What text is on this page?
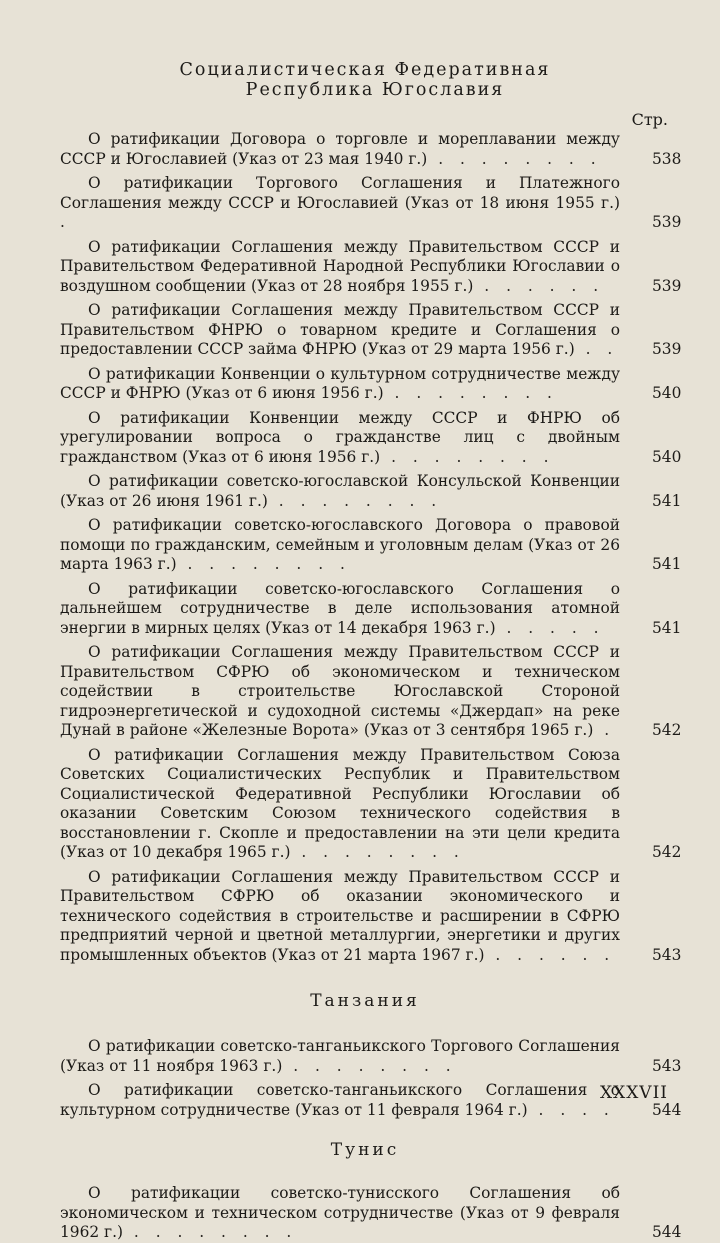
Социалистическая Федеративная
Республика Югославия
Стр.
О ратификации Договора о торговле и мореплавании между СССР и Югославией (Указ от 23 мая 1940 г.) . . . . . . . .	538
О ратификации Торгового Соглашения и Платежного Соглашения между СССР и Югославией (Указ от 18 июня 1955 г.) .	539
О ратификации Соглашения между Правительством СССР и Правительством Федеративной Народной Республики Югославии о воздушном сообщении (Указ от 28 ноября 1955 г.) . . . . . .	539
О ратификации Соглашения между Правительством СССР и Правительством ФНРЮ о товарном кредите и Соглашения о предоставлении СССР займа ФНРЮ (Указ от 29 марта 1956 г.) . .	539
О ратификации Конвенции о культурном сотрудничестве между СССР и ФНРЮ (Указ от 6 июня 1956 г.) . . . . . . . .	540
О ратификации Конвенции между СССР и ФНРЮ об урегулировании вопроса о гражданстве лиц с двойным гражданством (Указ от 6 июня 1956 г.) . . . . . . . .	540
О ратификации советско-югославской Консульской Конвенции (Указ от 26 июня 1961 г.) . . . . . . . .	541
О ратификации советско-югославского Договора о правовой помощи по гражданским, семейным и уголовным делам (Указ от 26 марта 1963 г.) . . . . . . . .	541
О ратификации советско-югославского Соглашения о дальнейшем сотрудничестве в деле использования атомной энергии в мирных целях (Указ от 14 декабря 1963 г.) . . . . .	541
О ратификации Соглашения между Правительством СССР и Правительством СФРЮ об экономическом и техническом содействии в строительстве Югославской Стороной гидроэнергетической и судоходной системы «Джердап» на реке Дунай в районе «Железные Ворота» (Указ от 3 сентября 1965 г.) .	542
О ратификации Соглашения между Правительством Союза Советских Социалистических Республик и Правительством Социалистической Федеративной Республики Югославии об оказании Советским Союзом технического содействия в восстановлении г. Скопле и предоставлении на эти цели кредита (Указ от 10 декабря 1965 г.) . . . . . . . .	542
О ратификации Соглашения между Правительством СССР и Правительством СФРЮ об оказании экономического и технического содействия в строительстве и расширении в СФРЮ предприятий черной и цветной металлургии, энергетики и других промышленных объектов (Указ от 21 марта 1967 г.) . . . . . .	543
Танзания
О ратификации советско-танганьикского Торгового Соглашения (Указ от 11 ноября 1963 г.) . . . . . . . .	543
О ратификации советско-танганьикского Соглашения о культурном сотрудничестве (Указ от 11 февраля 1964 г.) . . . .	544
Тунис
О ратификации советско-тунисского Соглашения об экономическом и техническом сотрудничестве (Указ от 9 февраля 1962 г.) . . . . . . . .	544
XXXVII
